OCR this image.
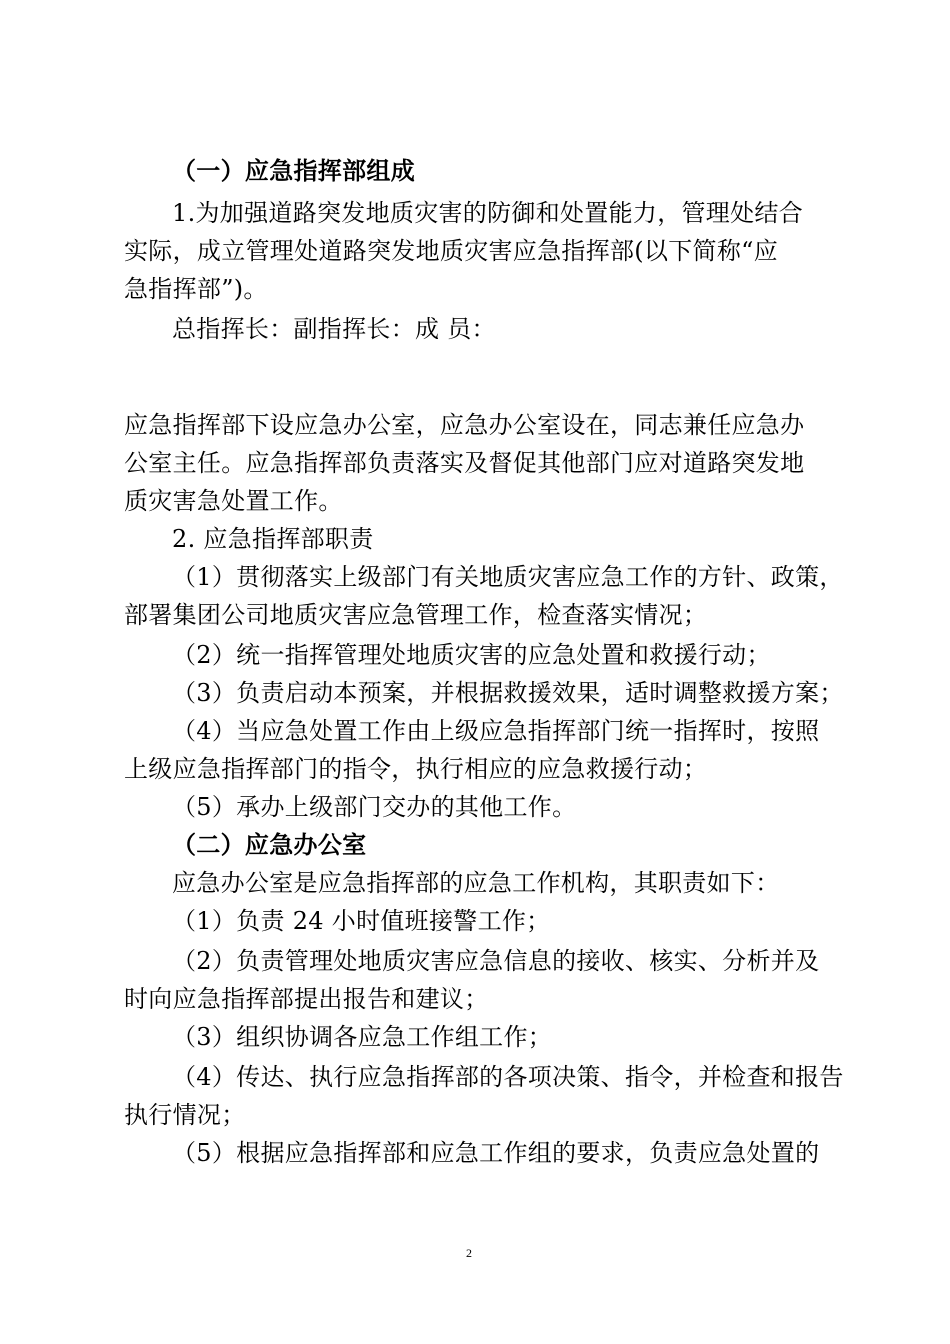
（一）应急指挥部组成
1.为加强道路突发地质灾害的防御和处置能力，管理处结合
实际，成立管理处道路突发地质灾害应急指挥部(以下简称“应
急指挥部”)。
总指挥长：副指挥长：成 员：
应急指挥部下设应急办公室，应急办公室设在，同志兼任应急办
公室主任。应急指挥部负责落实及督促其他部门应对道路突发地
质灾害急处置工作。
2. 应急指挥部职责
（1）贯彻落实上级部门有关地质灾害应急工作的方针、政策，
部署集团公司地质灾害应急管理工作，检查落实情况；
（2）统一指挥管理处地质灾害的应急处置和救援行动；
（3）负责启动本预案，并根据救援效果，适时调整救援方案；
（4）当应急处置工作由上级应急指挥部门统一指挥时，按照
上级应急指挥部门的指令，执行相应的应急救援行动；
（5）承办上级部门交办的其他工作。
（二）应急办公室
应急办公室是应急指挥部的应急工作机构，其职责如下：
（1）负责 24 小时值班接警工作；
（2）负责管理处地质灾害应急信息的接收、核实、分析并及
时向应急指挥部提出报告和建议；
（3）组织协调各应急工作组工作；
（4）传达、执行应急指挥部的各项决策、指令，并检查和报告
执行情况；
（5）根据应急指挥部和应急工作组的要求，负责应急处置的
2
